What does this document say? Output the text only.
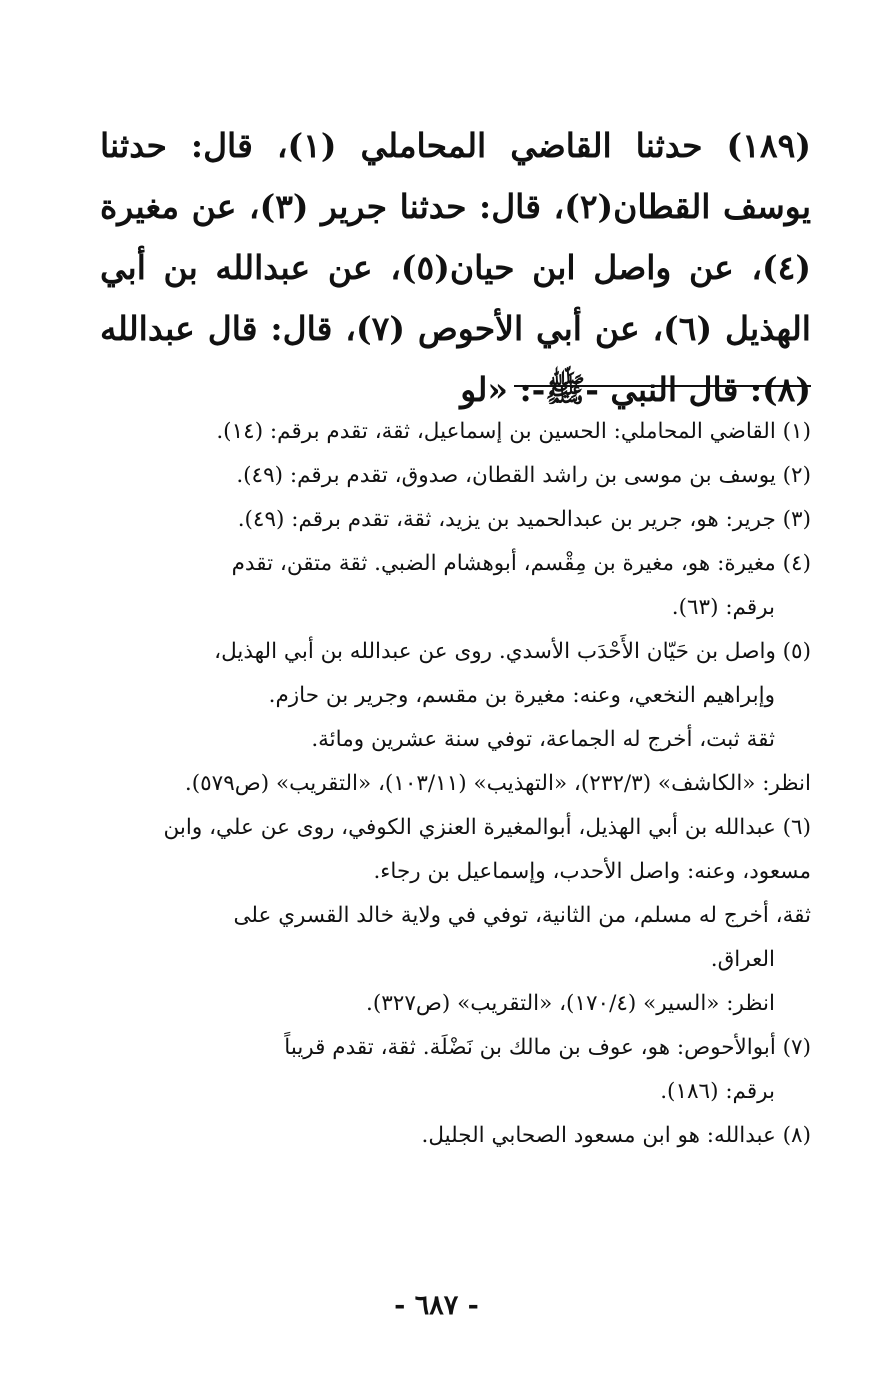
(١٨٩) حدثنا القاضي المحاملي (١)، قال: حدثنا يوسف القطان(٢)، قال: حدثنا جرير (٣)، عن مغيرة (٤)، عن واصل ابن حيان(٥)، عن عبدالله بن أبي الهذيل (٦)، عن أبي الأحوص (٧)، قال: قال عبدالله (٨): قال النبي -ﷺ-: «لو

(١) القاضي المحاملي: الحسين بن إسماعيل، ثقة، تقدم برقم: (١٤).

(٢) يوسف بن موسى بن راشد القطان، صدوق، تقدم برقم: (٤٩).

(٣) جرير: هو، جرير بن عبدالحميد بن يزيد، ثقة، تقدم برقم: (٤٩).

(٤) مغيرة: هو، مغيرة بن مِقْسم، أبوهشام الضبي. ثقة متقن، تقدم

برقم: (٦٣).

(٥) واصل بن حَيّان الأَحْدَب الأسدي. روى عن عبدالله بن أبي الهذيل،

وإبراهيم النخعي، وعنه: مغيرة بن مقسم، وجرير بن حازم.

ثقة ثبت، أخرج له الجماعة، توفي سنة عشرين ومائة.

انظر: «الكاشف» (٢٣٢/٣)، «التهذيب» (١٠٣/١١)، «التقريب» (ص٥٧٩).

(٦) عبدالله بن أبي الهذيل، أبوالمغيرة العنزي الكوفي، روى عن علي، وابن

مسعود، وعنه: واصل الأحدب، وإسماعيل بن رجاء.

ثقة، أخرج له مسلم، من الثانية، توفي في ولاية خالد القسري على

العراق.

انظر: «السير» (١٧٠/٤)، «التقريب» (ص٣٢٧).

(٧) أبوالأحوص: هو، عوف بن مالك بن نَضْلَة. ثقة، تقدم قريباً

برقم: (١٨٦).

(٨) عبدالله: هو ابن مسعود الصحابي الجليل.

- ٦٨٧ -
